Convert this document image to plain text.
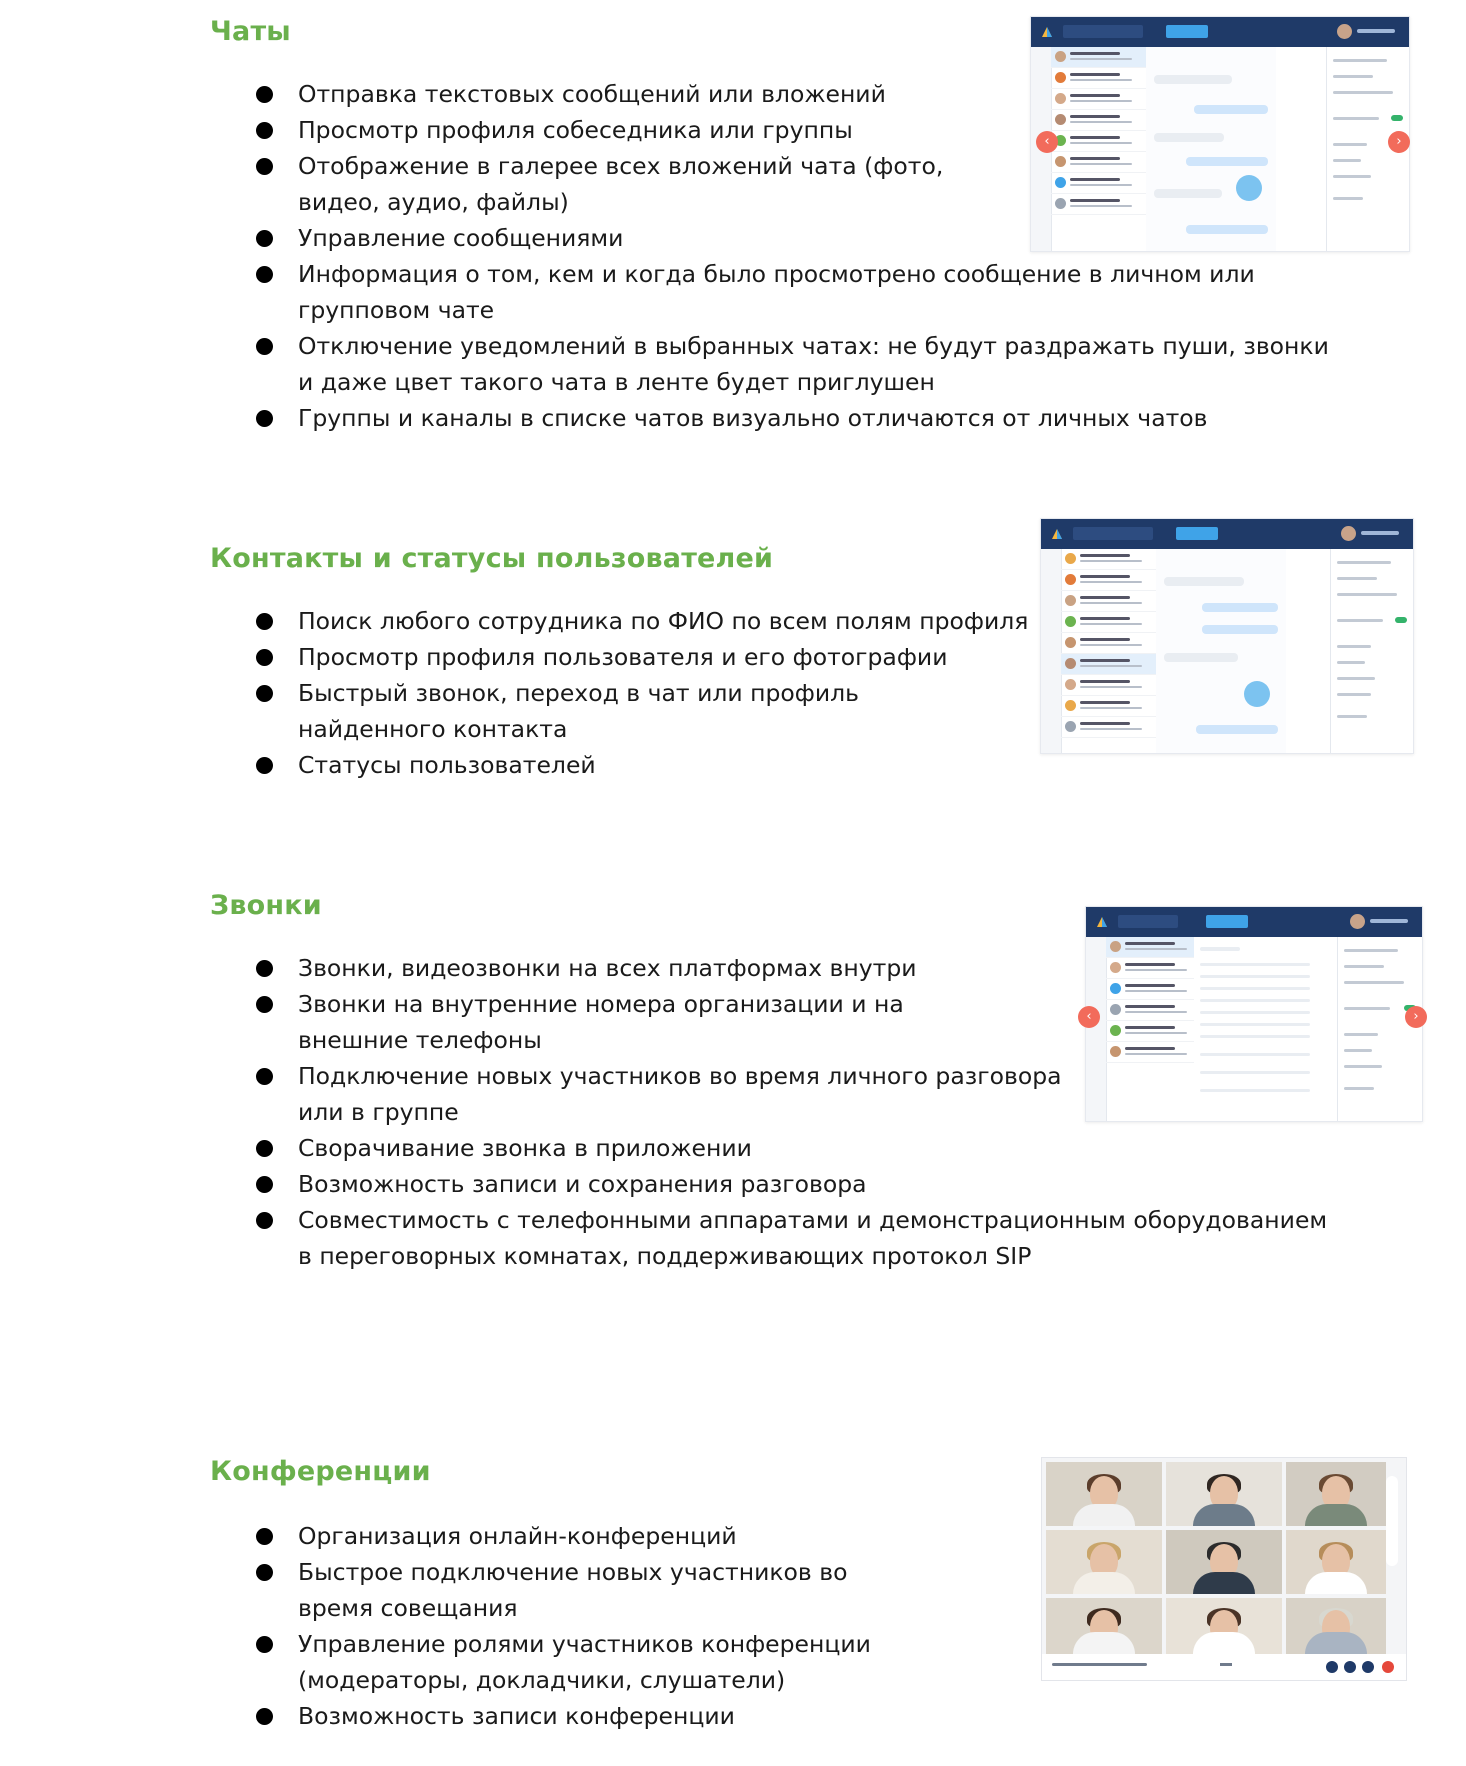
Чаты
Отправка текстовых сообщений или вложений
Просмотр профиля собеседника или группы
Отображение в галерее всех вложений чата (фото, видео, аудио, файлы)
Управление сообщениями
Информация о том, кем и когда было просмотрено сообщение в личном или групповом чате
Отключение уведомлений в выбранных чатах: не будут раздражать пуши, звонки и даже цвет такого чата в ленте будет приглушен
Группы и каналы в списке чатов визуально отличаются от личных чатов
‹	›
Контакты и статусы пользователей
Поиск любого сотрудника по ФИО по всем полям профиля
Просмотр профиля пользователя и его фотографии
Быстрый звонок, переход в чат или профиль найденного контакта
Статусы пользователей
Звонки
Звонки, видеозвонки на всех платформах внутри
Звонки на внутренние номера организации и на внешние телефоны
Подключение новых участников во время личного разговора или в группе
Сворачивание звонка в приложении
Возможность записи и сохранения разговора
Совместимость с телефонными аппаратами и демонстрационным оборудованием в переговорных комнатах, поддерживающих протокол SIP
‹	›
Конференции
Организация онлайн-конференций
Быстрое подключение новых участников во время совещания
Управление ролями участников конференции (модераторы, докладчики, слушатели)
Возможность записи конференции
